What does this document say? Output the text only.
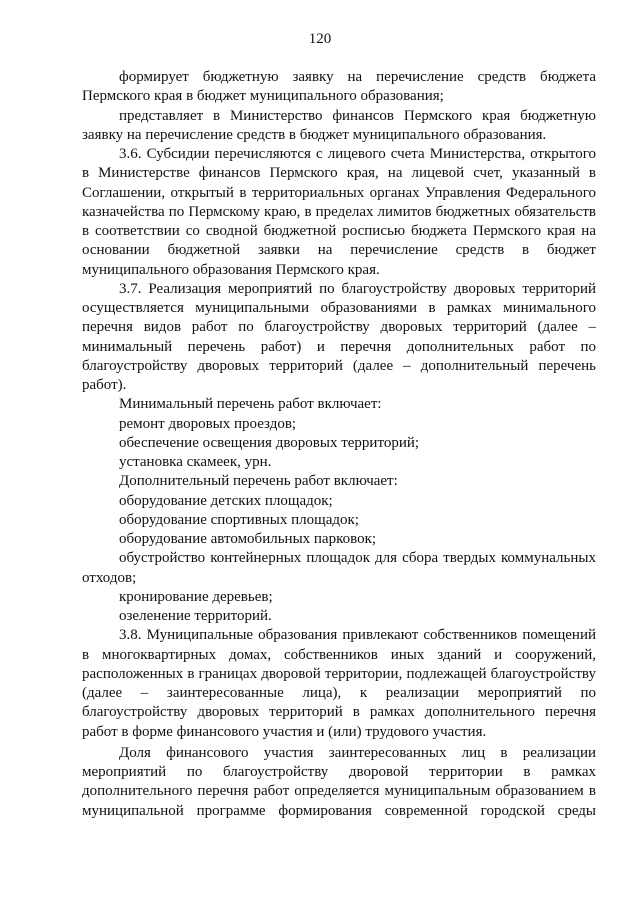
120

формирует бюджетную заявку на перечисление средств бюджета Пермского края в бюджет муниципального образования;

представляет в Министерство финансов Пермского края бюджетную заявку на перечисление средств в бюджет муниципального образования.

3.6. Субсидии перечисляются с лицевого счета Министерства, открытого в Министерстве финансов Пермского края, на лицевой счет, указанный в Соглашении, открытый в территориальных органах Управления Федерального казначейства по Пермскому краю, в пределах лимитов бюджетных обязательств в соответствии со сводной бюджетной росписью бюджета Пермского края на основании бюджетной заявки на перечисление средств в бюджет муниципального образования Пермского края.

3.7. Реализация мероприятий по благоустройству дворовых территорий осуществляется муниципальными образованиями в рамках минимального перечня видов работ по благоустройству дворовых территорий (далее – минимальный перечень работ) и перечня дополнительных работ по благоустройству дворовых территорий (далее – дополнительный перечень работ).

Минимальный перечень работ включает:

ремонт дворовых проездов;

обеспечение освещения дворовых территорий;

установка скамеек, урн.

Дополнительный перечень работ включает:

оборудование детских площадок;

оборудование спортивных площадок;

оборудование автомобильных парковок;

обустройство контейнерных площадок для сбора твердых коммунальных отходов;

кронирование деревьев;

озеленение территорий.

3.8. Муниципальные образования привлекают собственников помещений в многоквартирных домах, собственников иных зданий и сооружений, расположенных в границах дворовой территории, подлежащей благоустройству (далее – заинтересованные лица), к реализации мероприятий по благоустройству дворовых территорий в рамках дополнительного перечня работ в форме финансового участия и (или) трудового участия.

Доля финансового участия заинтересованных лиц в реализации мероприятий по благоустройству дворовой территории в рамках дополнительного перечня работ определяется муниципальным образованием в муниципальной программе формирования современной городской среды
